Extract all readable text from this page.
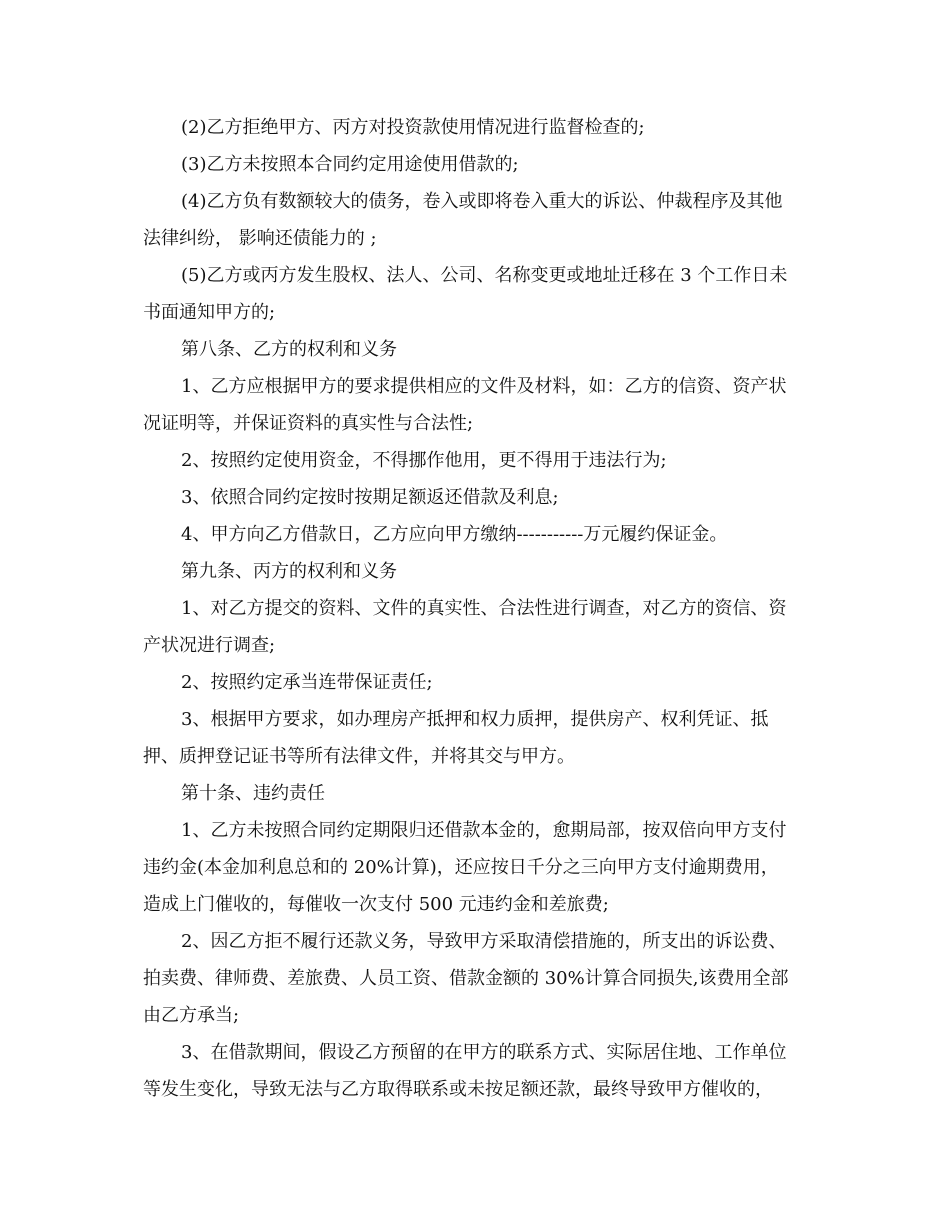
(2)乙方拒绝甲方、丙方对投资款使用情况进行监督检查的;
(3)乙方未按照本合同约定用途使用借款的;
(4)乙方负有数额较大的债务，卷入或即将卷入重大的诉讼、仲裁程序及其他
法律纠纷， 影响还债能力的 ;
(5)乙方或丙方发生股权、法人、公司、名称变更或地址迁移在 3 个工作日未
书面通知甲方的;
第八条、乙方的权利和义务
1、乙方应根据甲方的要求提供相应的文件及材料，如：乙方的信资、资产状
况证明等，并保证资料的真实性与合法性;
2、按照约定使用资金，不得挪作他用，更不得用于违法行为;
3、依照合同约定按时按期足额返还借款及利息;
4、甲方向乙方借款日，乙方应向甲方缴纳-----------万元履约保证金。
第九条、丙方的权利和义务
1、对乙方提交的资料、文件的真实性、合法性进行调查，对乙方的资信、资
产状况进行调查;
2、按照约定承当连带保证责任;
3、根据甲方要求，如办理房产抵押和权力质押，提供房产、权利凭证、抵
押、质押登记证书等所有法律文件，并将其交与甲方。
第十条、违约责任
1、乙方未按照合同约定期限归还借款本金的，愈期局部，按双倍向甲方支付
违约金(本金加利息总和的 20%计算)，还应按日千分之三向甲方支付逾期费用，
造成上门催收的，每催收一次支付 500 元违约金和差旅费;
2、因乙方拒不履行还款义务，导致甲方采取清偿措施的，所支出的诉讼费、
拍卖费、律师费、差旅费、人员工资、借款金额的 30%计算合同损失,该费用全部
由乙方承当;
3、在借款期间，假设乙方预留的在甲方的联系方式、实际居住地、工作单位
等发生变化，导致无法与乙方取得联系或未按足额还款，最终导致甲方催收的，
